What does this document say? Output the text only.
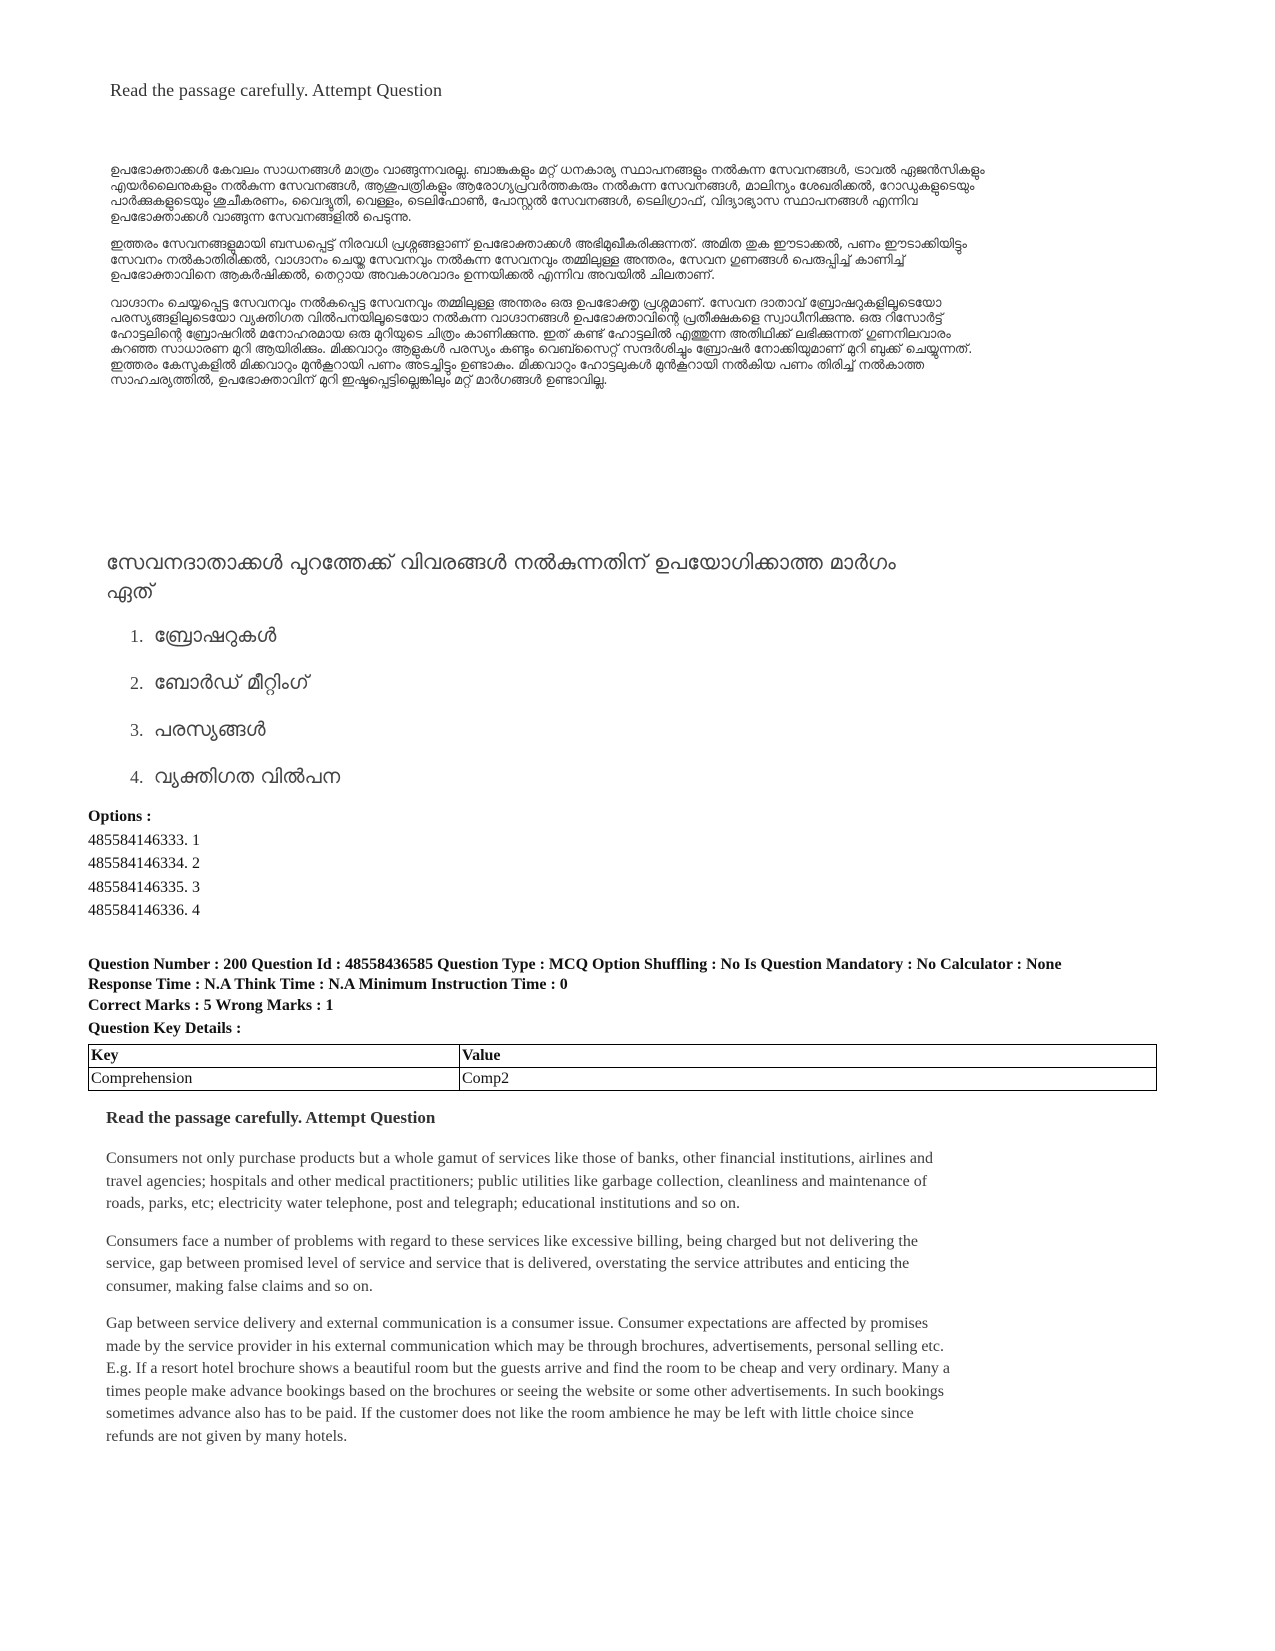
Read the passage carefully. Attempt Question

ഉപഭോക്താക്കൾ കേവലം സാധനങ്ങൾ മാത്രം വാങ്ങുന്നവരല്ല. ബാങ്കുകളും മറ്റ് ധനകാര്യ സ്ഥാപനങ്ങളും നൽകുന്ന സേവനങ്ങൾ, ട്രാവൽ ഏജൻസികളും എയർലൈനുകളും നൽകുന്ന സേവനങ്ങൾ, ആശുപത്രികളും ആരോഗ്യപ്രവർത്തകരും നൽകുന്ന സേവനങ്ങൾ, മാലിന്യം ശേഖരിക്കൽ, റോഡുകളുടെയും പാർക്കുകളുടെയും ശുചീകരണം, വൈദ്യുതി, വെള്ളം, ടെലിഫോൺ, പോസ്റ്റൽ സേവനങ്ങൾ, ടെലിഗ്രാഫ്, വിദ്യാഭ്യാസ സ്ഥാപനങ്ങൾ എന്നിവ ഉപഭോക്താക്കൾ വാങ്ങുന്ന സേവനങ്ങളിൽ പെടുന്നു.

ഇത്തരം സേവനങ്ങളുമായി ബന്ധപ്പെട്ട് നിരവധി പ്രശ്നങ്ങളാണ് ഉപഭോക്താക്കൾ അഭിമുഖീകരിക്കുന്നത്. അമിത തുക ഈടാക്കൽ, പണം ഈടാക്കിയിട്ടും സേവനം നൽകാതിരിക്കൽ, വാഗ്ദാനം ചെയ്ത സേവനവും നൽകുന്ന സേവനവും തമ്മിലുള്ള അന്തരം, സേവന ഗുണങ്ങൾ പെരുപ്പിച്ച് കാണിച്ച് ഉപഭോക്താവിനെ ആകർഷിക്കൽ, തെറ്റായ അവകാശവാദം ഉന്നയിക്കൽ എന്നിവ അവയിൽ ചിലതാണ്.

വാഗ്ദാനം ചെയ്യപ്പെട്ട സേവനവും നൽകപ്പെട്ട സേവനവും തമ്മിലുള്ള അന്തരം ഒരു ഉപഭോക്തൃ പ്രശ്നമാണ്. സേവന ദാതാവ് ബ്രോഷറുകളിലൂടെയോ പരസ്യങ്ങളിലൂടെയോ വ്യക്തിഗത വിൽപനയിലൂടെയോ നൽകുന്ന വാഗ്ദാനങ്ങൾ ഉപഭോക്താവിന്റെ പ്രതീക്ഷകളെ സ്വാധീനിക്കുന്നു. ഒരു റിസോർട്ട് ഹോട്ടലിന്റെ ബ്രോഷറിൽ മനോഹരമായ ഒരു മുറിയുടെ ചിത്രം കാണിക്കുന്നു. ഇത് കണ്ട് ഹോട്ടലിൽ എത്തുന്ന അതിഥിക്ക് ലഭിക്കുന്നത് ഗുണനിലവാരം കുറഞ്ഞ സാധാരണ മുറി ആയിരിക്കും. മിക്കവാറും ആളുകൾ പരസ്യം കണ്ടും വെബ്സൈറ്റ് സന്ദർശിച്ചും ബ്രോഷർ നോക്കിയുമാണ് മുറി ബുക്ക് ചെയ്യുന്നത്. ഇത്തരം കേസുകളിൽ മിക്കവാറും മുൻകൂറായി പണം അടച്ചിട്ടും ഉണ്ടാകും. മിക്കവാറും ഹോട്ടലുകൾ മുൻകൂറായി നൽകിയ പണം തിരിച്ച് നൽകാത്ത സാഹചര്യത്തിൽ, ഉപഭോക്താവിന് മുറി ഇഷ്ടപ്പെട്ടില്ലെങ്കിലും മറ്റ് മാർഗങ്ങൾ ഉണ്ടാവില്ല.

സേവനദാതാക്കൾ പുറത്തേക്ക് വിവരങ്ങൾ നൽകുന്നതിന് ഉപയോഗിക്കാത്ത മാർഗം ഏത്
1. ബ്രോഷറുകൾ
2. ബോർഡ് മീറ്റിംഗ്
3. പരസ്യങ്ങൾ
4. വ്യക്തിഗത വിൽപന
Options :
485584146333. 1
485584146334. 2
485584146335. 3
485584146336. 4
Question Number : 200 Question Id : 48558436585 Question Type : MCQ Option Shuffling : No Is Question Mandatory : No Calculator : None
Response Time : N.A Think Time : N.A Minimum Instruction Time : 0
Correct Marks : 5 Wrong Marks : 1
Question Key Details :
Key	Value
Comprehension	Comp2
Read the passage carefully. Attempt Question

Consumers not only purchase products but a whole gamut of services like those of banks, other financial institutions, airlines and travel agencies; hospitals and other medical practitioners; public utilities like garbage collection, cleanliness and maintenance of roads, parks, etc; electricity water telephone, post and telegraph; educational institutions and so on.

Consumers face a number of problems with regard to these services like excessive billing, being charged but not delivering the service, gap between promised level of service and service that is delivered, overstating the service attributes and enticing the consumer, making false claims and so on.

Gap between service delivery and external communication is a consumer issue. Consumer expectations are affected by promises made by the service provider in his external communication which may be through brochures, advertisements, personal selling etc. E.g. If a resort hotel brochure shows a beautiful room but the guests arrive and find the room to be cheap and very ordinary. Many a times people make advance bookings based on the brochures or seeing the website or some other advertisements. In such bookings sometimes advance also has to be paid. If the customer does not like the room ambience he may be left with little choice since refunds are not given by many hotels.
